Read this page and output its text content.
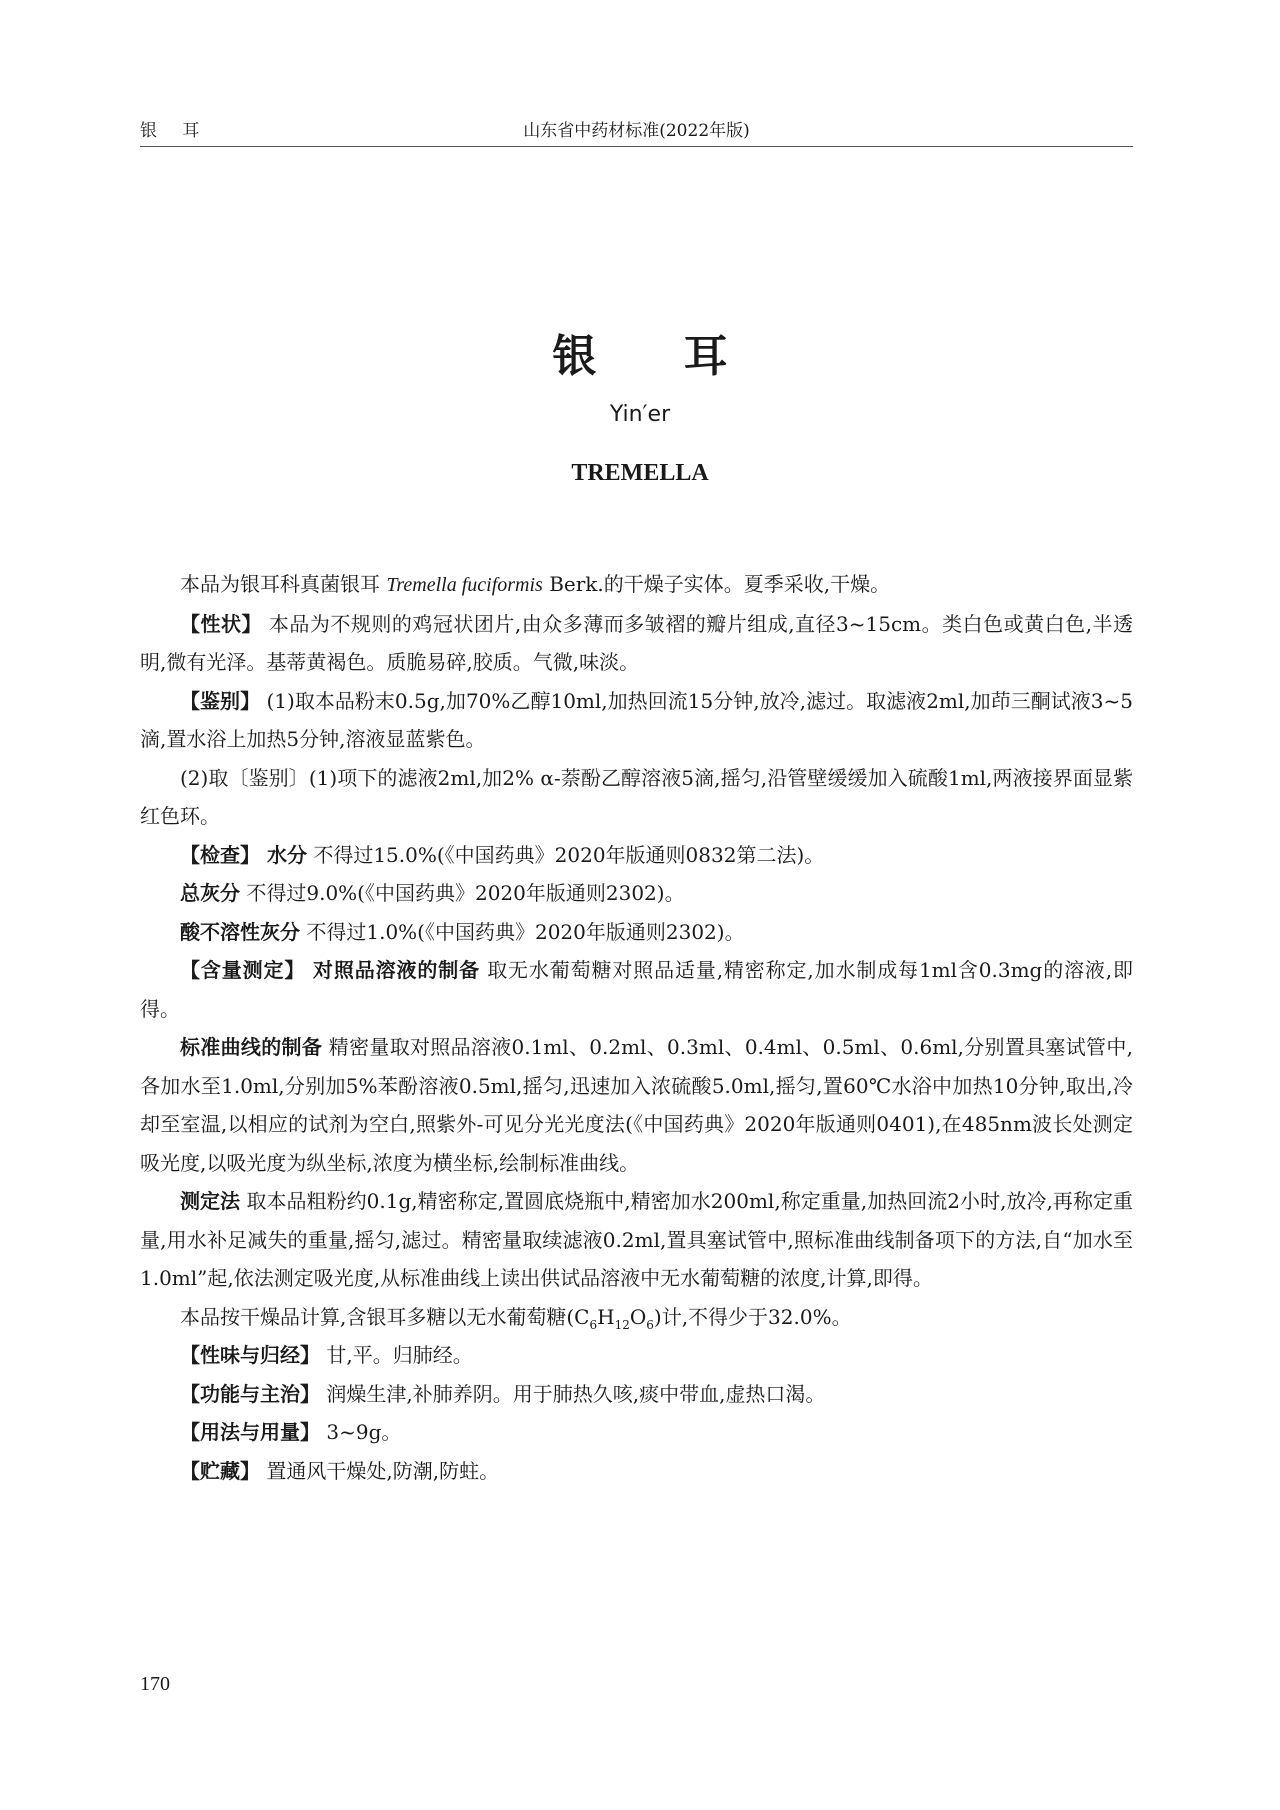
银 耳	山东省中药材标准(2022年版)
银 耳
Yin′er
TREMELLA

本品为银耳科真菌银耳 Tremella fuciformis Berk.的干燥子实体。夏季采收,干燥。

【性状】 本品为不规则的鸡冠状团片,由众多薄而多皱褶的瓣片组成,直径3~15cm。类白色或黄白色,半透明,微有光泽。基蒂黄褐色。质脆易碎,胶质。气微,味淡。

【鉴别】 (1)取本品粉末0.5g,加70%乙醇10ml,加热回流15分钟,放冷,滤过。取滤液2ml,加茚三酮试液3~5滴,置水浴上加热5分钟,溶液显蓝紫色。

(2)取〔鉴别〕(1)项下的滤液2ml,加2% α-萘酚乙醇溶液5滴,摇匀,沿管壁缓缓加入硫酸1ml,两液接界面显紫红色环。

【检查】 水分 不得过15.0%(《中国药典》2020年版通则0832第二法)。

总灰分 不得过9.0%(《中国药典》2020年版通则2302)。

酸不溶性灰分 不得过1.0%(《中国药典》2020年版通则2302)。

【含量测定】 对照品溶液的制备 取无水葡萄糖对照品适量,精密称定,加水制成每1ml含0.3mg的溶液,即得。

标准曲线的制备 精密量取对照品溶液0.1ml、0.2ml、0.3ml、0.4ml、0.5ml、0.6ml,分别置具塞试管中,各加水至1.0ml,分别加5%苯酚溶液0.5ml,摇匀,迅速加入浓硫酸5.0ml,摇匀,置60℃水浴中加热10分钟,取出,冷却至室温,以相应的试剂为空白,照紫外-可见分光光度法(《中国药典》2020年版通则0401),在485nm波长处测定吸光度,以吸光度为纵坐标,浓度为横坐标,绘制标准曲线。

测定法 取本品粗粉约0.1g,精密称定,置圆底烧瓶中,精密加水200ml,称定重量,加热回流2小时,放冷,再称定重量,用水补足减失的重量,摇匀,滤过。精密量取续滤液0.2ml,置具塞试管中,照标准曲线制备项下的方法,自“加水至1.0ml”起,依法测定吸光度,从标准曲线上读出供试品溶液中无水葡萄糖的浓度,计算,即得。

本品按干燥品计算,含银耳多糖以无水葡萄糖$(C_6H_{12}O_6)$计,不得少于32.0%。

【性味与归经】 甘,平。归肺经。

【功能与主治】 润燥生津,补肺养阴。用于肺热久咳,痰中带血,虚热口渴。

【用法与用量】 3~9g。

【贮藏】 置通风干燥处,防潮,防蛀。

170
